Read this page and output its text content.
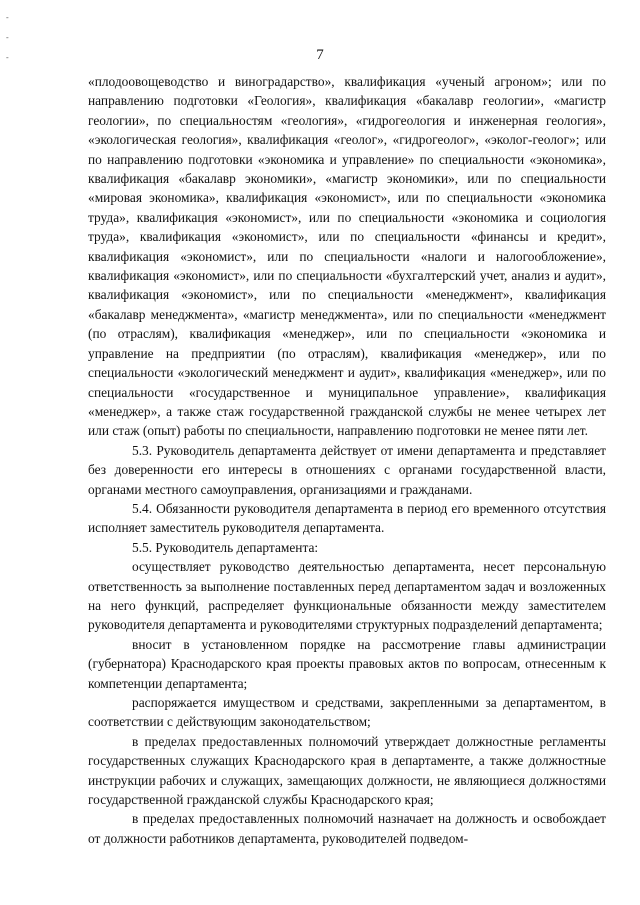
-
-
-	7

«плодоовощеводство и виноградарство», квалификация «ученый агроном»; или по направлению подготовки «Геология», квалификация «бакалавр геологии», «магистр геологии», по специальностям «геология», «гидрогеология и инженерная геология», «экологическая геология», квалификация «геолог», «гидрогеолог», «эколог-геолог»; или по направлению подготовки «экономика и управление» по специальности «экономика», квалификация «бакалавр экономики», «магистр экономики», или по специальности «мировая экономика», квалификация «экономист», или по специальности «экономика труда», квалификация «экономист», или по специальности «экономика и социология труда», квалификация «экономист», или по специальности «финансы и кредит», квалификация «экономист», или по специальности «налоги и налогообложение», квалификация «экономист», или по специальности «бухгалтерский учет, анализ и аудит», квалификация «экономист», или по специальности «менеджмент», квалификация «бакалавр менеджмента», «магистр менеджмента», или по специальности «менеджмент (по отраслям), квалификация «менеджер», или по специальности «экономика и управление на предприятии (по отраслям), квалификация «менеджер», или по специальности «экологический менеджмент и аудит», квалификация «менеджер», или по специальности «государственное и муниципальное управление», квалификация «менеджер», а также стаж государственной гражданской службы не менее четырех лет или стаж (опыт) работы по специальности, направлению подготовки не менее пяти лет.

5.3. Руководитель департамента действует от имени департамента и представляет без доверенности его интересы в отношениях с органами государственной власти, органами местного самоуправления, организациями и гражданами.

5.4. Обязанности руководителя департамента в период его временного отсутствия исполняет заместитель руководителя департамента.

5.5. Руководитель департамента:

осуществляет руководство деятельностью департамента, несет персональную ответственность за выполнение поставленных перед департаментом задач и возложенных на него функций, распределяет функциональные обязанности между заместителем руководителя департамента и руководителями структурных подразделений департамента;

вносит в установленном порядке на рассмотрение главы администрации (губернатора) Краснодарского края проекты правовых актов по вопросам, отнесенным к компетенции департамента;

распоряжается имуществом и средствами, закрепленными за департаментом, в соответствии с действующим законодательством;

в пределах предоставленных полномочий утверждает должностные регламенты государственных служащих Краснодарского края в департаменте, а также должностные инструкции рабочих и служащих, замещающих должности, не являющиеся должностями государственной гражданской службы Краснодарского края;

в пределах предоставленных полномочий назначает на должность и освобождает от должности работников департамента, руководителей подведом-
